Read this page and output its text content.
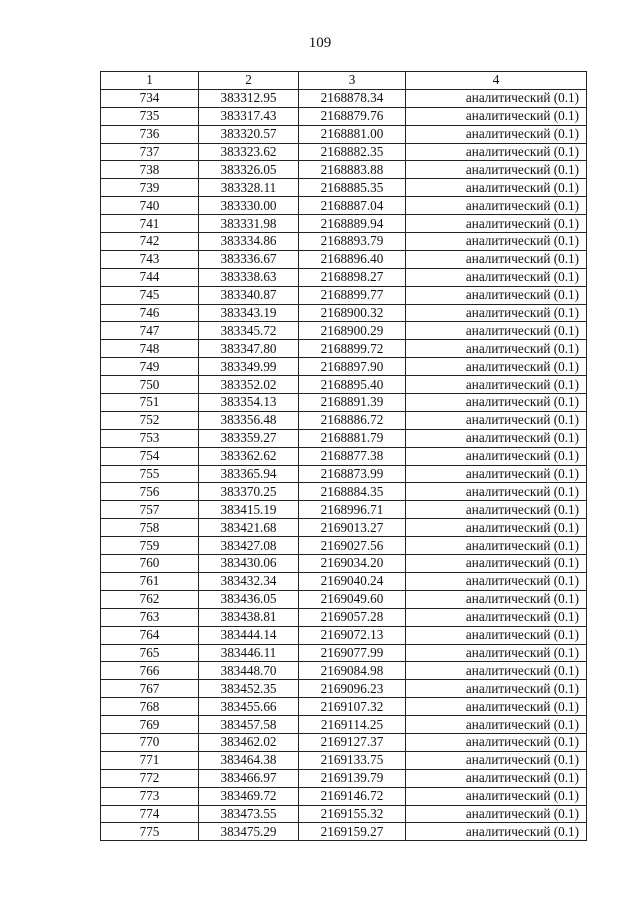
109
1	2	3	4
734	383312.95	2168878.34	аналитический (0.1)
735	383317.43	2168879.76	аналитический (0.1)
736	383320.57	2168881.00	аналитический (0.1)
737	383323.62	2168882.35	аналитический (0.1)
738	383326.05	2168883.88	аналитический (0.1)
739	383328.11	2168885.35	аналитический (0.1)
740	383330.00	2168887.04	аналитический (0.1)
741	383331.98	2168889.94	аналитический (0.1)
742	383334.86	2168893.79	аналитический (0.1)
743	383336.67	2168896.40	аналитический (0.1)
744	383338.63	2168898.27	аналитический (0.1)
745	383340.87	2168899.77	аналитический (0.1)
746	383343.19	2168900.32	аналитический (0.1)
747	383345.72	2168900.29	аналитический (0.1)
748	383347.80	2168899.72	аналитический (0.1)
749	383349.99	2168897.90	аналитический (0.1)
750	383352.02	2168895.40	аналитический (0.1)
751	383354.13	2168891.39	аналитический (0.1)
752	383356.48	2168886.72	аналитический (0.1)
753	383359.27	2168881.79	аналитический (0.1)
754	383362.62	2168877.38	аналитический (0.1)
755	383365.94	2168873.99	аналитический (0.1)
756	383370.25	2168884.35	аналитический (0.1)
757	383415.19	2168996.71	аналитический (0.1)
758	383421.68	2169013.27	аналитический (0.1)
759	383427.08	2169027.56	аналитический (0.1)
760	383430.06	2169034.20	аналитический (0.1)
761	383432.34	2169040.24	аналитический (0.1)
762	383436.05	2169049.60	аналитический (0.1)
763	383438.81	2169057.28	аналитический (0.1)
764	383444.14	2169072.13	аналитический (0.1)
765	383446.11	2169077.99	аналитический (0.1)
766	383448.70	2169084.98	аналитический (0.1)
767	383452.35	2169096.23	аналитический (0.1)
768	383455.66	2169107.32	аналитический (0.1)
769	383457.58	2169114.25	аналитический (0.1)
770	383462.02	2169127.37	аналитический (0.1)
771	383464.38	2169133.75	аналитический (0.1)
772	383466.97	2169139.79	аналитический (0.1)
773	383469.72	2169146.72	аналитический (0.1)
774	383473.55	2169155.32	аналитический (0.1)
775	383475.29	2169159.27	аналитический (0.1)
